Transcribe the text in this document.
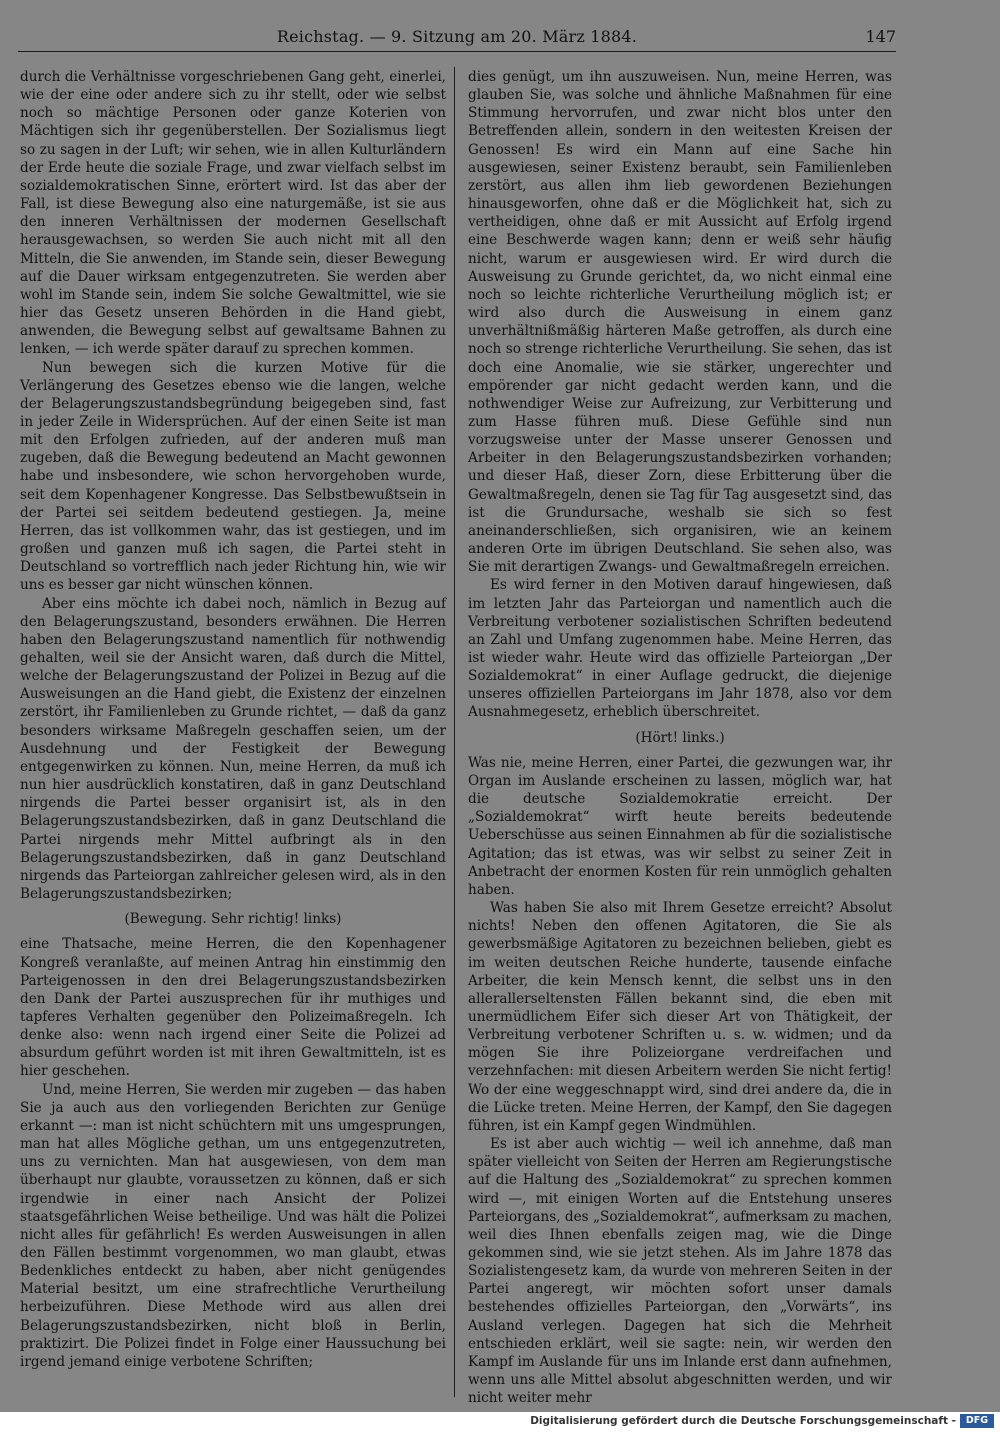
Reichstag. — 9. Sitzung am 20. März 1884.	147

durch die Verhältnisse vorgeschriebenen Gang geht, einerlei, wie der eine oder andere sich zu ihr stellt, oder wie selbst noch so mächtige Personen oder ganze Koterien von Mächtigen sich ihr gegenüberstellen. Der Sozialismus liegt so zu sagen in der Luft; wir sehen, wie in allen Kulturländern der Erde heute die soziale Frage, und zwar vielfach selbst im sozialdemokratischen Sinne, erörtert wird. Ist das aber der Fall, ist diese Bewegung also eine naturgemäße, ist sie aus den inneren Verhältnissen der modernen Gesellschaft herausgewachsen, so werden Sie auch nicht mit all den Mitteln, die Sie anwenden, im Stande sein, dieser Bewegung auf die Dauer wirksam entgegenzutreten. Sie werden aber wohl im Stande sein, indem Sie solche Gewaltmittel, wie sie hier das Gesetz unseren Behörden in die Hand giebt, anwenden, die Bewegung selbst auf gewaltsame Bahnen zu lenken, — ich werde später darauf zu sprechen kommen.

Nun bewegen sich die kurzen Motive für die Verlängerung des Gesetzes ebenso wie die langen, welche der Belagerungszustandsbegründung beigegeben sind, fast in jeder Zeile in Widersprüchen. Auf der einen Seite ist man mit den Erfolgen zufrieden, auf der anderen muß man zugeben, daß die Bewegung bedeutend an Macht gewonnen habe und insbesondere, wie schon hervorgehoben wurde, seit dem Kopenhagener Kongresse. Das Selbstbewußtsein in der Partei sei seitdem bedeutend gestiegen. Ja, meine Herren, das ist vollkommen wahr, das ist gestiegen, und im großen und ganzen muß ich sagen, die Partei steht in Deutschland so vortrefflich nach jeder Richtung hin, wie wir uns es besser gar nicht wünschen können.

Aber eins möchte ich dabei noch, nämlich in Bezug auf den Belagerungszustand, besonders erwähnen. Die Herren haben den Belagerungszustand namentlich für nothwendig gehalten, weil sie der Ansicht waren, daß durch die Mittel, welche der Belagerungszustand der Polizei in Bezug auf die Ausweisungen an die Hand giebt, die Existenz der einzelnen zerstört, ihr Familienleben zu Grunde richtet, — daß da ganz besonders wirksame Maßregeln geschaffen seien, um der Ausdehnung und der Festigkeit der Bewegung entgegenwirken zu können. Nun, meine Herren, da muß ich nun hier ausdrücklich konstatiren, daß in ganz Deutschland nirgends die Partei besser organisirt ist, als in den Belagerungszustandsbezirken, daß in ganz Deutschland die Partei nirgends mehr Mittel aufbringt als in den Belagerungszustandsbezirken, daß in ganz Deutschland nirgends das Parteiorgan zahlreicher gelesen wird, als in den Belagerungszustandsbezirken;

(Bewegung. Sehr richtig! links)

eine Thatsache, meine Herren, die den Kopenhagener Kongreß veranlaßte, auf meinen Antrag hin einstimmig den Parteigenossen in den drei Belagerungszustandsbezirken den Dank der Partei auszusprechen für ihr muthiges und tapferes Verhalten gegenüber den Polizeimaßregeln. Ich denke also: wenn nach irgend einer Seite die Polizei ad absurdum geführt worden ist mit ihren Gewaltmitteln, ist es hier geschehen.

Und, meine Herren, Sie werden mir zugeben — das haben Sie ja auch aus den vorliegenden Berichten zur Genüge erkannt —: man ist nicht schüchtern mit uns umgesprungen, man hat alles Mögliche gethan, um uns entgegenzutreten, uns zu vernichten. Man hat ausgewiesen, von dem man überhaupt nur glaubte, voraussetzen zu können, daß er sich irgendwie in einer nach Ansicht der Polizei staatsgefährlichen Weise betheilige. Und was hält die Polizei nicht alles für gefährlich! Es werden Ausweisungen in allen den Fällen bestimmt vorgenommen, wo man glaubt, etwas Bedenkliches entdeckt zu haben, aber nicht genügendes Material besitzt, um eine strafrechtliche Verurtheilung herbeizuführen. Diese Methode wird aus allen drei Belagerungszustandsbezirken, nicht bloß in Berlin, praktizirt. Die Polizei findet in Folge einer Haussuchung bei irgend jemand einige verbotene Schriften;

dies genügt, um ihn auszuweisen. Nun, meine Herren, was glauben Sie, was solche und ähnliche Maßnahmen für eine Stimmung hervorrufen, und zwar nicht blos unter den Betreffenden allein, sondern in den weitesten Kreisen der Genossen! Es wird ein Mann auf eine Sache hin ausgewiesen, seiner Existenz beraubt, sein Familienleben zerstört, aus allen ihm lieb gewordenen Beziehungen hinausgeworfen, ohne daß er die Möglichkeit hat, sich zu vertheidigen, ohne daß er mit Aussicht auf Erfolg irgend eine Beschwerde wagen kann; denn er weiß sehr häufig nicht, warum er ausgewiesen wird. Er wird durch die Ausweisung zu Grunde gerichtet, da, wo nicht einmal eine noch so leichte richterliche Verurtheilung möglich ist; er wird also durch die Ausweisung in einem ganz unverhältnißmäßig härteren Maße getroffen, als durch eine noch so strenge richterliche Verurtheilung. Sie sehen, das ist doch eine Anomalie, wie sie stärker, ungerechter und empörender gar nicht gedacht werden kann, und die nothwendiger Weise zur Aufreizung, zur Verbitterung und zum Hasse führen muß. Diese Gefühle sind nun vorzugsweise unter der Masse unserer Genossen und Arbeiter in den Belagerungszustandsbezirken vorhanden; und dieser Haß, dieser Zorn, diese Erbitterung über die Gewaltmaßregeln, denen sie Tag für Tag ausgesetzt sind, das ist die Grundursache, weshalb sie sich so fest aneinanderschließen, sich organisiren, wie an keinem anderen Orte im übrigen Deutschland. Sie sehen also, was Sie mit derartigen Zwangs- und Gewaltmaßregeln erreichen.

Es wird ferner in den Motiven darauf hingewiesen, daß im letzten Jahr das Parteiorgan und namentlich auch die Verbreitung verbotener sozialistischen Schriften bedeutend an Zahl und Umfang zugenommen habe. Meine Herren, das ist wieder wahr. Heute wird das offizielle Parteiorgan „Der Sozialdemokrat“ in einer Auflage gedruckt, die diejenige unseres offiziellen Parteiorgans im Jahr 1878, also vor dem Ausnahmegesetz, erheblich überschreitet.

(Hört! links.)

Was nie, meine Herren, einer Partei, die gezwungen war, ihr Organ im Auslande erscheinen zu lassen, möglich war, hat die deutsche Sozialdemokratie erreicht. Der „Sozialdemokrat“ wirft heute bereits bedeutende Ueberschüsse aus seinen Einnahmen ab für die sozialistische Agitation; das ist etwas, was wir selbst zu seiner Zeit in Anbetracht der enormen Kosten für rein unmöglich gehalten haben.

Was haben Sie also mit Ihrem Gesetze erreicht? Absolut nichts! Neben den offenen Agitatoren, die Sie als gewerbsmäßige Agitatoren zu bezeichnen belieben, giebt es im weiten deutschen Reiche hunderte, tausende einfache Arbeiter, die kein Mensch kennt, die selbst uns in den allerallerseltensten Fällen bekannt sind, die eben mit unermüdlichem Eifer sich dieser Art von Thätigkeit, der Verbreitung verbotener Schriften u. s. w. widmen; und da mögen Sie ihre Polizeiorgane verdreifachen und verzehnfachen: mit diesen Arbeitern werden Sie nicht fertig! Wo der eine weggeschnappt wird, sind drei andere da, die in die Lücke treten. Meine Herren, der Kampf, den Sie dagegen führen, ist ein Kampf gegen Windmühlen.

Es ist aber auch wichtig — weil ich annehme, daß man später vielleicht von Seiten der Herren am Regierungstische auf die Haltung des „Sozialdemokrat“ zu sprechen kommen wird —, mit einigen Worten auf die Entstehung unseres Parteiorgans, des „Sozialdemokrat“, aufmerksam zu machen, weil dies Ihnen ebenfalls zeigen mag, wie die Dinge gekommen sind, wie sie jetzt stehen. Als im Jahre 1878 das Sozialistengesetz kam, da wurde von mehreren Seiten in der Partei angeregt, wir möchten sofort unser damals bestehendes offizielles Parteiorgan, den „Vorwärts“, ins Ausland verlegen. Dagegen hat sich die Mehrheit entschieden erklärt, weil sie sagte: nein, wir werden den Kampf im Auslande für uns im Inlande erst dann aufnehmen, wenn uns alle Mittel absolut abgeschnitten werden, und wir nicht weiter mehr

Digitalisierung gefördert durch die Deutsche Forschungsgemeinschaft -	DFG
